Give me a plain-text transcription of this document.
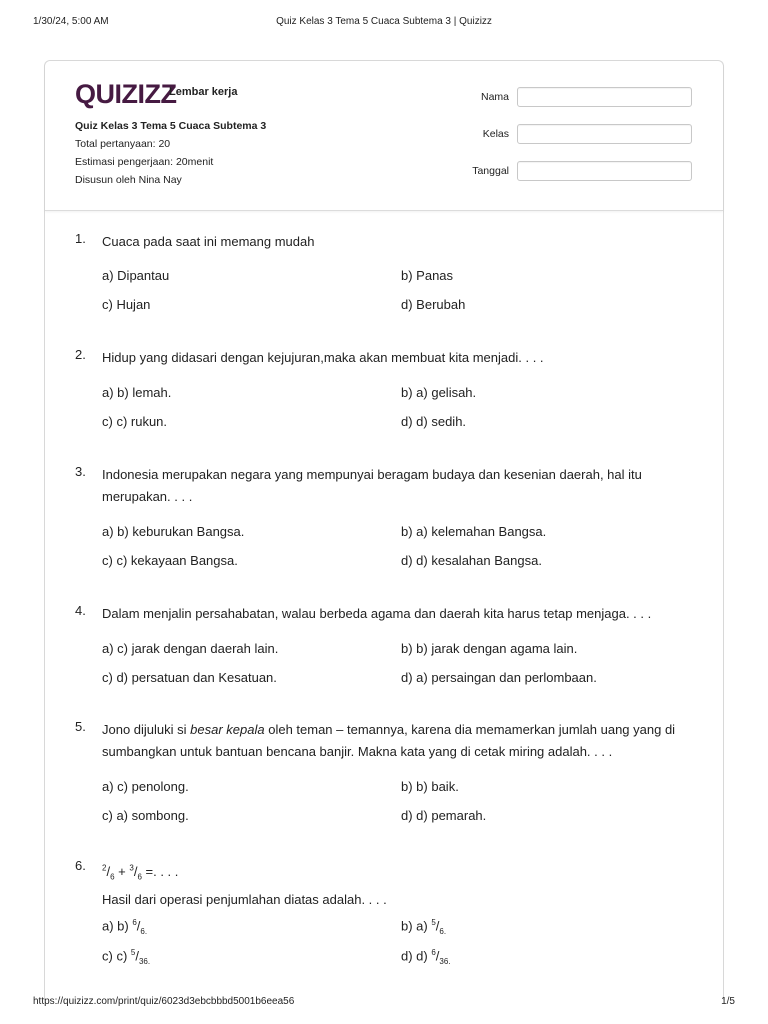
1/30/24, 5:00 AM	Quiz Kelas 3 Tema 5 Cuaca Subtema 3 | Quizizz
QUIZIZZ
Lembar kerja
Quiz Kelas 3 Tema 5 Cuaca Subtema 3
Total pertanyaan: 20
Estimasi pengerjaan: 20menit
Disusun oleh Nina Nay
Nama
Kelas
Tanggal
1. Cuaca pada saat ini memang mudah
a) Dipantau	b) Panas
c) Hujan	d) Berubah
2. Hidup yang didasari dengan kejujuran,maka akan membuat kita menjadi. . . .
a) b) lemah.	b) a) gelisah.
c) c) rukun.	d) d) sedih.
3. Indonesia merupakan negara yang mempunyai beragam budaya dan kesenian daerah, hal itu merupakan. . . .
a) b) keburukan Bangsa.	b) a) kelemahan Bangsa.
c) c) kekayaan Bangsa.	d) d) kesalahan Bangsa.
4. Dalam menjalin persahabatan, walau berbeda agama dan daerah kita harus tetap menjaga. . . .
a) c) jarak dengan daerah lain.	b) b) jarak dengan agama lain.
c) d) persatuan dan Kesatuan.	d) a) persaingan dan perlombaan.
5. Jono dijuluki si besar kepala oleh teman – temannya, karena dia memamerkan jumlah uang yang di sumbangkan untuk bantuan bencana banjir. Makna kata yang di cetak miring adalah. . . .
a) c) penolong.	b) b) baik.
c) a) sombong.	d) d) pemarah.
6. $^2/_6 + ^3/_6$ =. . . .
Hasil dari operasi penjumlahan diatas adalah. . . .
a) b) $^6/_{6.}$	b) a) $^5/_{6.}$
c) c) $^5/_{36.}$	d) d) $^6/_{36.}$
https://quizizz.com/print/quiz/6023d3ebcbbbd5001b6eea56	1/5
